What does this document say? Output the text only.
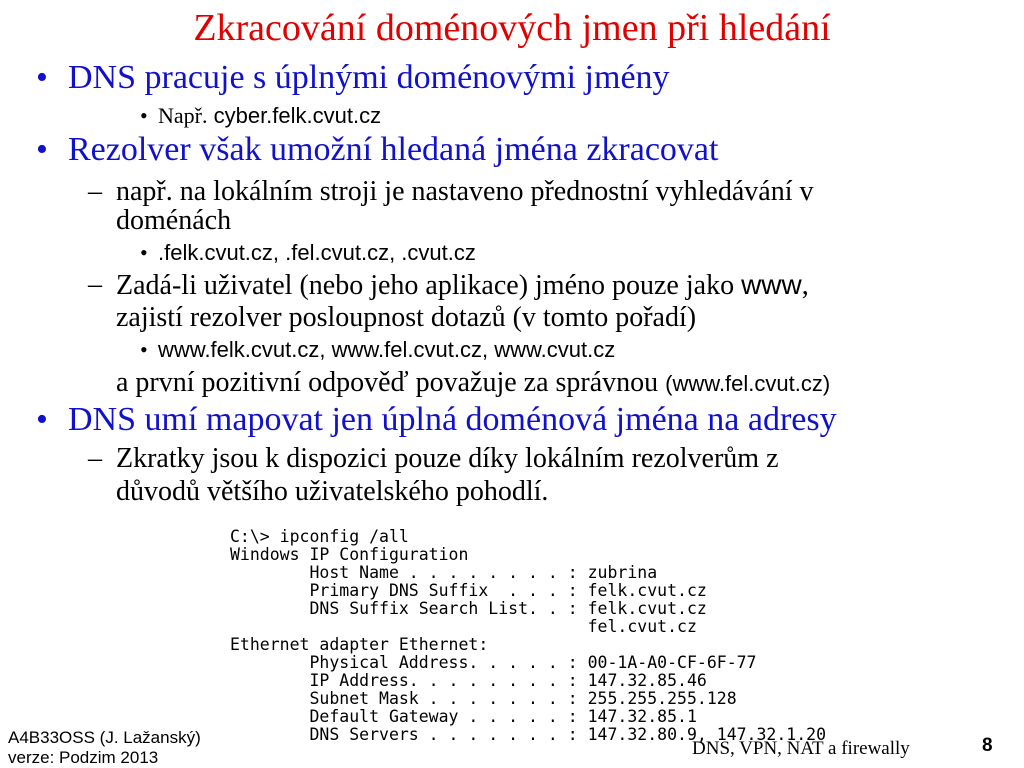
Zkracování doménových jmen při hledání
• DNS pracuje s úplnými doménovými jmény
• Např. cyber.felk.cvut.cz
• Rezolver však umožní hledaná jména zkracovat
– např. na lokálním stroji je nastaveno přednostní vyhledávání v
doménách
• .felk.cvut.cz, .fel.cvut.cz, .cvut.cz
– Zadá-li uživatel (nebo jeho aplikace) jméno pouze jako www,
zajistí rezolver posloupnost dotazů (v tomto pořadí)
• www.felk.cvut.cz, www.fel.cvut.cz, www.cvut.cz
a první pozitivní odpověď považuje za správnou (www.fel.cvut.cz)
• DNS umí mapovat jen úplná doménová jména na adresy
– Zkratky jsou k dispozici pouze díky lokálním rezolverům z
důvodů většího uživatelského pohodlí.

C:\> ipconfig /all
Windows IP Configuration
Host Name . . . . . . . . : zubrina
Primary DNS Suffix  . . . : felk.cvut.cz
DNS Suffix Search List. . : felk.cvut.cz
fel.cvut.cz
Ethernet adapter Ethernet:
Physical Address. . . . . : 00-1A-A0-CF-6F-77
IP Address. . . . . . . . : 147.32.85.46
Subnet Mask . . . . . . . : 255.255.255.128
Default Gateway . . . . . : 147.32.85.1
DNS Servers . . . . . . . : 147.32.80.9, 147.32.1.20

A4B33OSS (J. Lažanský)
verze: Podzim 2013	DNS, VPN, NAT a firewally	8
